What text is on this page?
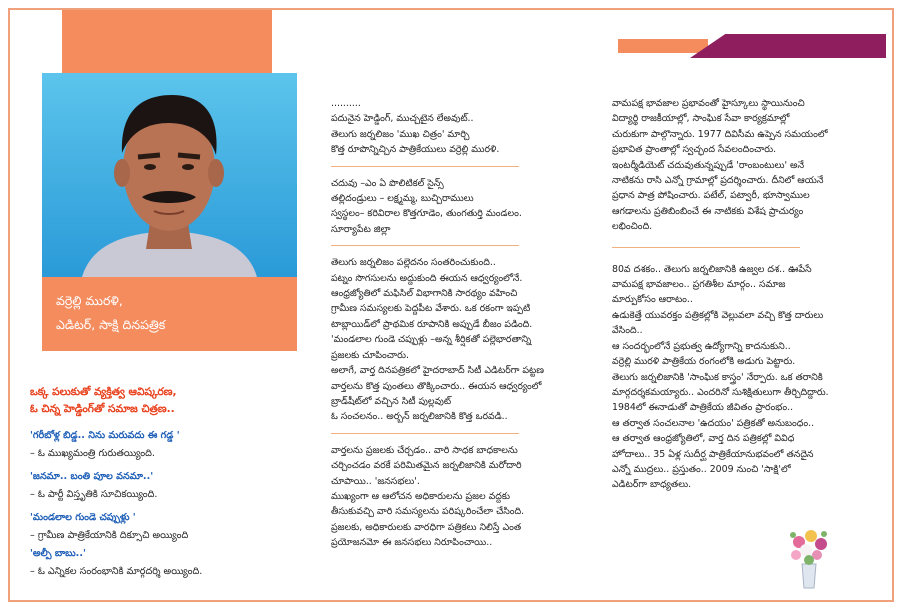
వర్రెల్లి మురళి,
ఎడిటర్, సాక్షి దినపత్రిక
ఒక్క పలుకుతో వ్యక్తిత్వ ఆవిష్కరణ,
ఓ చిన్న హెడ్డింగ్‌తో సమాజ చిత్రణ..
'గరీబోళ్ల బిడ్డ.. నిను మరువదు ఈ గడ్డ '
– ఓ ముఖ్యమంత్రి గురుతయ్యింది.
'జనమా.. బంతి పూల వనమా..'
– ఓ పార్టీ విస్తృతికి సూచికయ్యింది.
'మండలాల గుండె చప్పుళ్లు '
– గ్రామీణ పాత్రికేయానికి దిక్సూచి అయ్యింది
'అల్పీ బాబు..'
– ఓ ఎన్నికల సంరంభానికి మార్గదర్శి అయ్యింది.
..........
పదునైన హెడ్డింగ్, ముచ్చటైన లేఅవుట్..
తెలుగు జర్నలిజం 'ముఖ చిత్రం' మార్చి
కొత్త రూపొన్నిచ్చిన పాత్రికేయులు వర్రెల్లి మురళి.
చదువు –ఎం ఏ పొలిటికల్ సైన్స్
తల్లిదండ్రులు – లక్ష్మమ్మ, బుచ్చిరాములు
స్వస్థలం– కరివిరాల కొత్తగూడెం, తుంగతుర్తి మండలం.
సూర్యాపేట జిల్లా
తెలుగు జర్నలిజం పల్లెదనం సంతరించుకుంది..
పట్నం సొగసులను అద్దుకుంది ఈయన ఆధ్వర్యంలోనే.
ఆంధ్రజ్యోతిలో మఫిసిల్ విభాగానికి సారథ్యం వహించి
గ్రామీణ సమస్యలకు పెద్దపీట వేశారు. ఒక రకంగా ఇప్పటి
టాబ్లాయిడ్‌లో ప్రాథమిక రూపానికి అప్పుడే బీజం పడింది.
'మండలాల గుండె చప్పుళ్లు –అన్న శీర్షికతో పల్లెభారతాన్ని
ప్రజలకు చూపించారు.
అలాగే, వార్త దినపత్రికలో హైదరాబాద్ సిటీ ఎడిటర్‌గా పట్టణ
వార్తలను కొత్త పుంతలు తొక్కించారు.. ఈయన ఆధ్వర్యంలో
బ్రాడ్‌షీట్‌లో వచ్చిన సిటీ పుల్లవుట్
ఓ సంచలనం.. అర్బన్ జర్నలిజానికి కొత్త ఒరవడి..
వార్తలను ప్రజలకు చేర్చడం.. వారి సాధక బాధకాలను
చర్చించడం వరకే పరిమితమైన జర్నలిజానికి మరోదారి
చూపాయి.. 'జనసభలు'.
ముఖ్యంగా ఆ ఆలోచన అధికారులను ప్రజల వద్దకు
తీసుకువచ్చి వారి సమస్యలను పరిష్కరించేలా చేసింది.
ప్రజలకు, అధికారులకు వారధిగా పత్రికలు నిలిస్తే ఎంత
ప్రయోజనమో ఈ జనసభలు నిరూపించాయి..
వామపక్ష భావజాల ప్రభావంతో హైస్కూలు స్థాయినుంచి
విద్యార్థి రాజకీయాల్లో, సాంఘిక సేవా కార్యక్రమాల్లో
చురుకుగా పాల్గొన్నారు. 1977 దివిసీమ ఉప్పెన సమయంలో
ప్రభావిత ప్రాంతాల్లో స్వచ్ఛంద సేవలందించారు.
ఇంటర్మీడియెట్ చదువుతున్నప్పుడే 'రాంబంటులు' అనే
నాటికను రాసి ఎన్నో గ్రామాల్లో ప్రదర్శించారు. దీనిలో ఆయనే
ప్రధాన పాత్ర పోషించారు. పటేల్, పట్వారీ, భూస్వాముల
ఆగడాలను ప్రతిబింబించే ఈ నాటికకు విశేష ప్రాచుర్యం
లభించింది.
80వ దశకం.. తెలుగు జర్నలిజానికి ఉజ్వల దశ.. ఊపేసే
వామపక్ష భావజాలం.. ప్రగతిశీల మార్గం.. సమాజ
మార్పుకోసం ఆరాటం..
ఉడుకెత్తే యువరక్తం పత్రికల్లోకి వెల్లువలా వచ్చి కొత్త దారులు
వేసింది..
ఆ సందర్భంలోనే ప్రభుత్వ ఉద్యోగాన్ని కాదనుకుని..
వర్రెల్లి మురళి పాత్రికేయ రంగంలోకి అడుగు పెట్టారు.
తెలుగు జర్నలిజానికి 'సాంఘిక కాస్త్రం' నేర్పారు. ఒక తరానికి
మార్గదర్శకమయ్యారు.. ఎందరినో సుశిక్షితులుగా తీర్చిదిద్దారు.
1984లో ఈనాడుతో పాత్రికేయ జీవితం ప్రారంభం..
ఆ తర్వాత సంచలనాల 'ఉదయం' పత్రికతో అనుబంధం..
ఆ తర్వాత ఆంధ్రజ్యోతిలో, వార్త దిన పత్రికల్లో వివిధ
హోదాలు.. 35 ఏళ్ల సుదీర్ఘ పాత్రికేయానుభవంలో తనదైన
ఎన్నో ముద్రలు.. ప్రస్తుతం.. 2009 నుంచి 'సాక్షి'లో
ఎడిటర్‌గా బాధ్యతలు.
